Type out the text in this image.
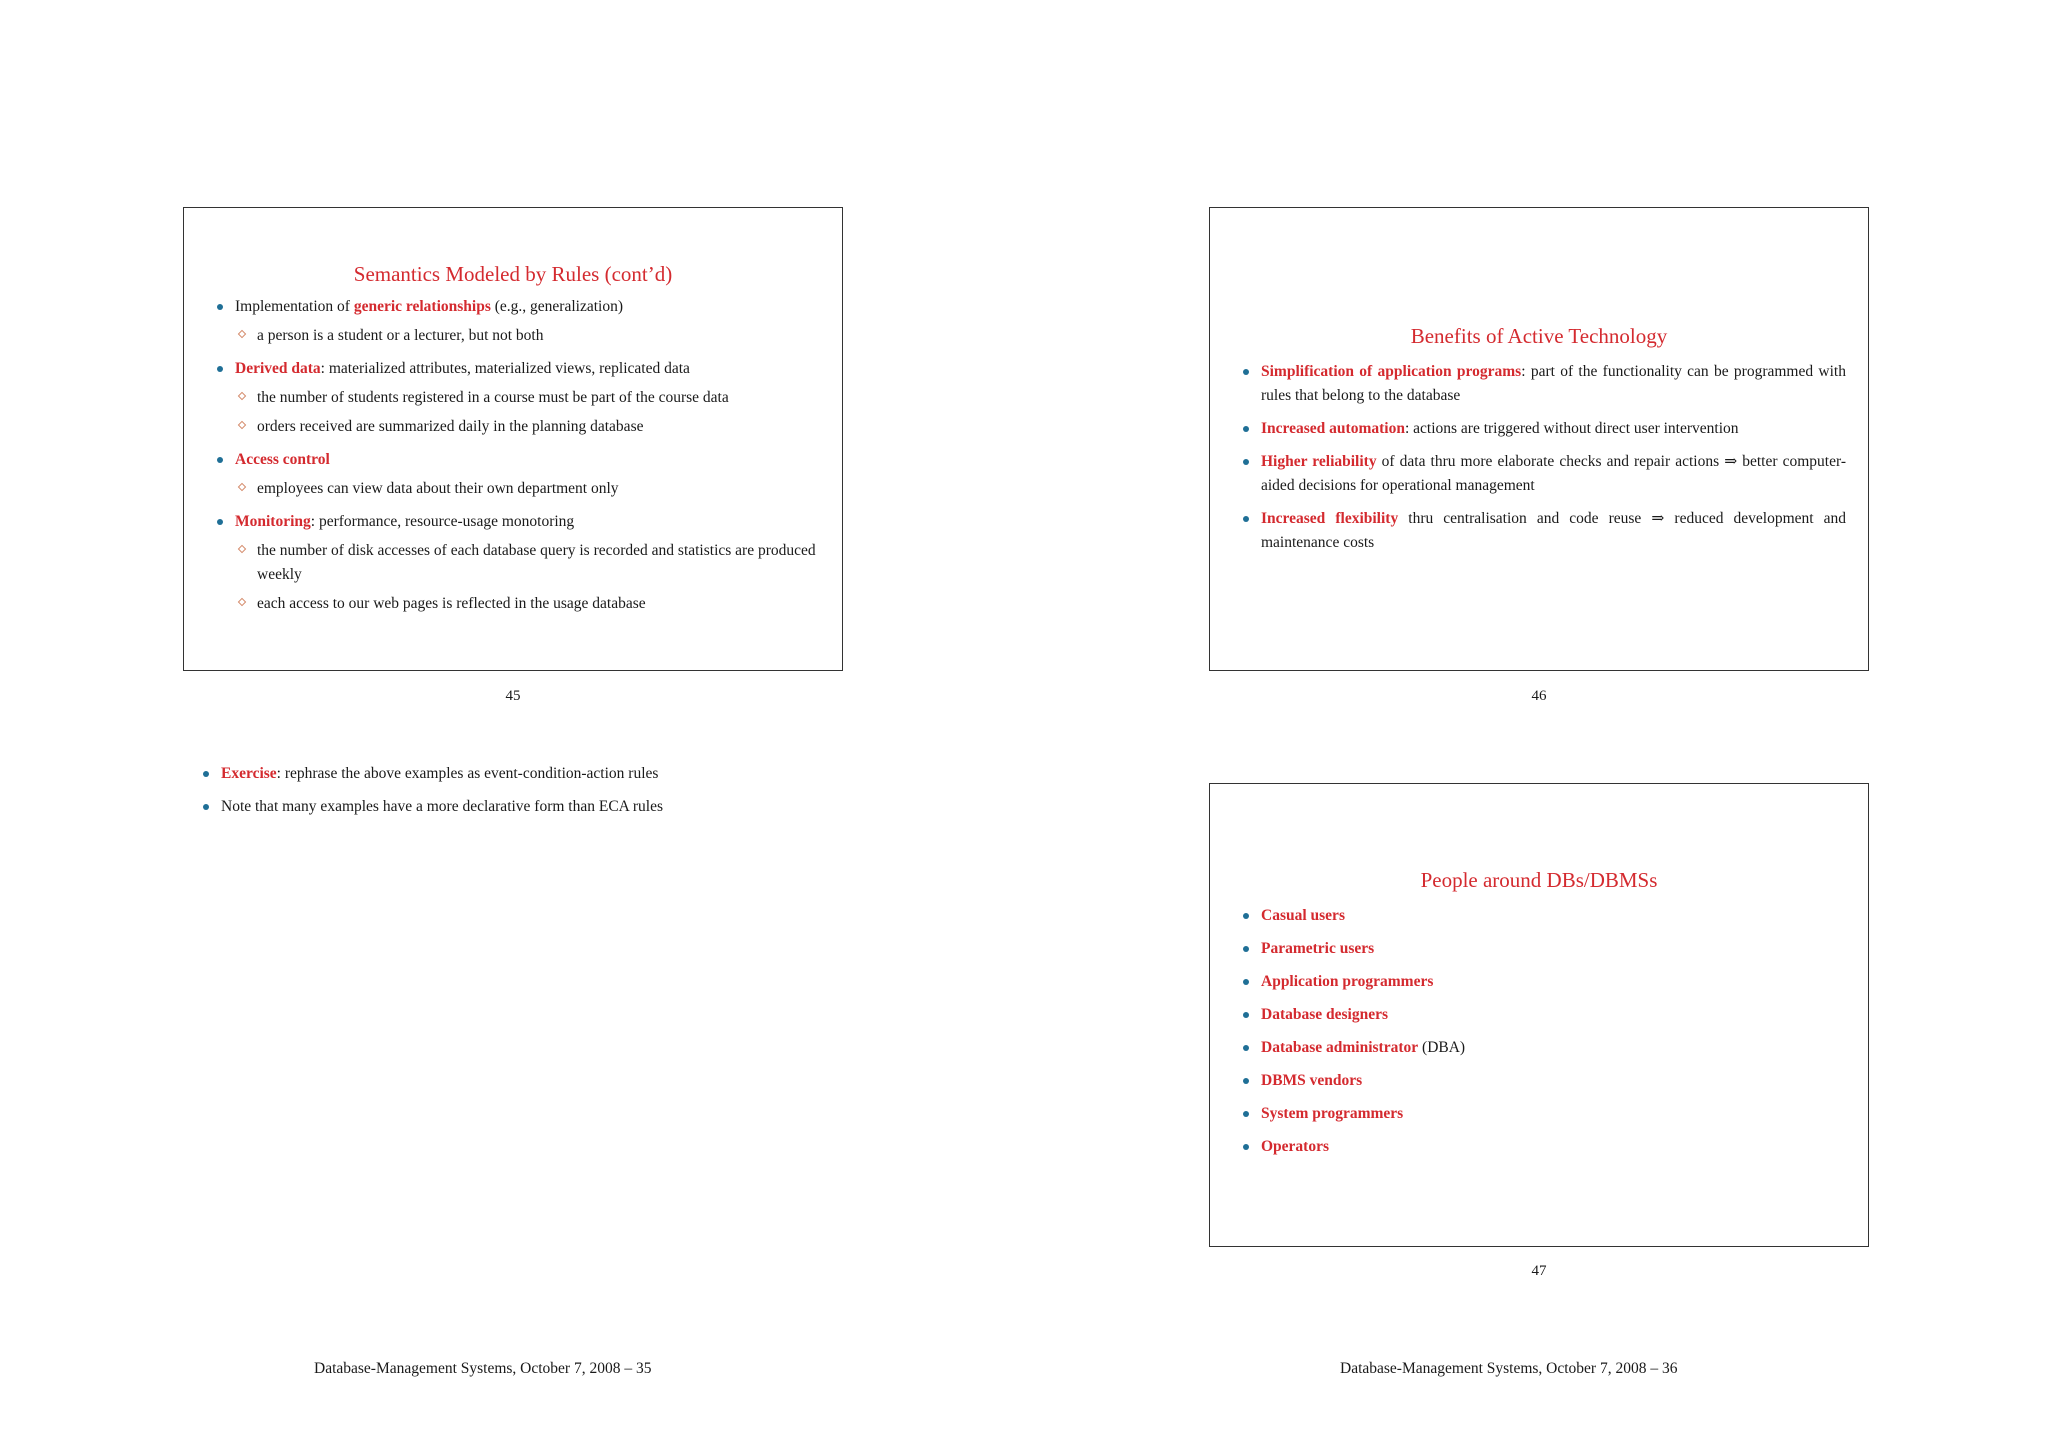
Semantics Modeled by Rules (cont’d)
Implementation of generic relationships (e.g., generalization)
a person is a student or a lecturer, but not both
Derived data: materialized attributes, materialized views, replicated data
the number of students registered in a course must be part of the course data
orders received are summarized daily in the planning database
Access control
employees can view data about their own department only
Monitoring: performance, resource-usage monotoring
the number of disk accesses of each database query is recorded and statistics are produced weekly
each access to our web pages is reflected in the usage database
45
Benefits of Active Technology
Simplification of application programs: part of the functionality can be programmed with rules that belong to the database
Increased automation: actions are triggered without direct user intervention
Higher reliability of data thru more elaborate checks and repair actions ⇒ better computer-aided decisions for operational management
Increased flexibility thru centralisation and code reuse ⇒ reduced development and maintenance costs
46
Exercise: rephrase the above examples as event-condition-action rules
Note that many examples have a more declarative form than ECA rules
People around DBs/DBMSs
Casual users
Parametric users
Application programmers
Database designers
Database administrator (DBA)
DBMS vendors
System programmers
Operators
47
Database-Management Systems, October 7, 2008 – 35	Database-Management Systems, October 7, 2008 – 36
